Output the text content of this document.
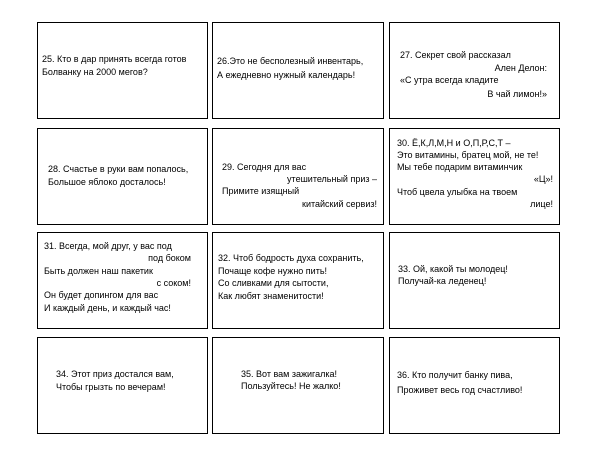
25. Кто в дар принять всегда готов
Болванку на 2000 мегов?
26.Это не бесполезный инвентарь,
А ежедневно нужный календарь!
27. Секрет свой рассказал
Ален Делон:
«С утра всегда кладите
В чай лимон!»
28. Счастье в руки вам попалось,
Большое яблоко досталось!
29. Сегодня для вас
утешительный приз –
Примите изящный
китайский сервиз!
30. Ё,К,Л,М,Н и О,П,Р,С,Т –
Это витамины, братец мой, не те!
Мы тебе подарим витаминчик
«Ц»!
Чтоб цвела улыбка на твоем
лице!
31. Всегда, мой друг, у вас под
под боком
Быть должен наш пакетик
с соком!
Он будет допингом для вас
И каждый день, и каждый час!
32. Чтоб бодрость духа сохранить,
Почаще кофе нужно пить!
Со сливками для сытости,
Как любят знаменитости!
33. Ой, какой ты молодец!
Получай-ка леденец!
34. Этот приз достался вам,
Чтобы грызть по вечерам!
35. Вот вам зажигалка!
Пользуйтесь! Не жалко!
36. Кто получит банку пива,
Проживет весь год счастливо!
